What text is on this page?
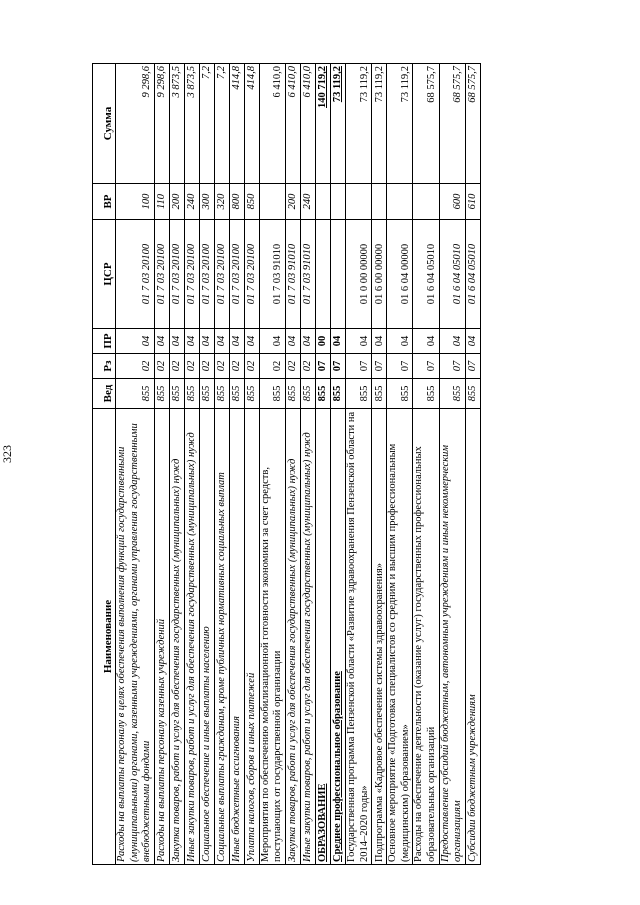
323
Наименование	Вед	Рз	ПР	ЦСР	ВР	Сумма
Расходы на выплаты персоналу в целях обеспечения выполнения функций государственными (муниципальными) органами, казенными учреждениями, органами управления государственными внебюджетными фондами	855	02	04	01 7 03 20100	100	9 298,6
Расходы на выплаты персоналу казенных учреждений	855	02	04	01 7 03 20100	110	9 298,6
Закупка товаров, работ и услуг для обеспечения государственных (муниципальных) нужд	855	02	04	01 7 03 20100	200	3 873,5
Иные закупки товаров, работ и услуг для обеспечения государственных (муниципальных) нужд	855	02	04	01 7 03 20100	240	3 873,5
Социальное обеспечение и иные выплаты населению	855	02	04	01 7 03 20100	300	7,2
Социальные выплаты гражданам, кроме публичных нормативных социальных выплат	855	02	04	01 7 03 20100	320	7,2
Иные бюджетные ассигнования	855	02	04	01 7 03 20100	800	414,8
Уплата налогов, сборов и иных платежей	855	02	04	01 7 03 20100	850	414,8
Мероприятия по обеспечению мобилизационной готовности экономики за счет средств, поступающих от государственной организации	855	02	04	01 7 03 91010		6 410,0
Закупка товаров, работ и услуг для обеспечения государственных (муниципальных) нужд	855	02	04	01 7 03 91010	200	6 410,0
Иные закупки товаров, работ и услуг для обеспечения государственных (муниципальных) нужд	855	02	04	01 7 03 91010	240	6 410,0
ОБРАЗОВАНИЕ	855	07	00			140 719,2
Среднее профессиональное образование	855	07	04			73 119,2
Государственная программа Пензенской области «Развитие здравоохранения Пензенской области на 2014–2020 годы»	855	07	04	01 0 00 00000		73 119,2
Подпрограмма «Кадровое обеспечение системы здравоохранения»	855	07	04	01 6 00 00000		73 119,2
Основное мероприятие «Подготовка специалистов со средним и высшим профессиональным (медицинским) образованием»	855	07	04	01 6 04 00000		73 119,2
Расходы на обеспечение деятельности (оказание услуг) государственных профессиональных образовательных организаций	855	07	04	01 6 04 05010		68 575,7
Предоставление субсидий бюджетным, автономным учреждениям и иным некоммерческим организациям	855	07	04	01 6 04 05010	600	68 575,7
Субсидии бюджетным учреждениям	855	07	04	01 6 04 05010	610	68 575,7
